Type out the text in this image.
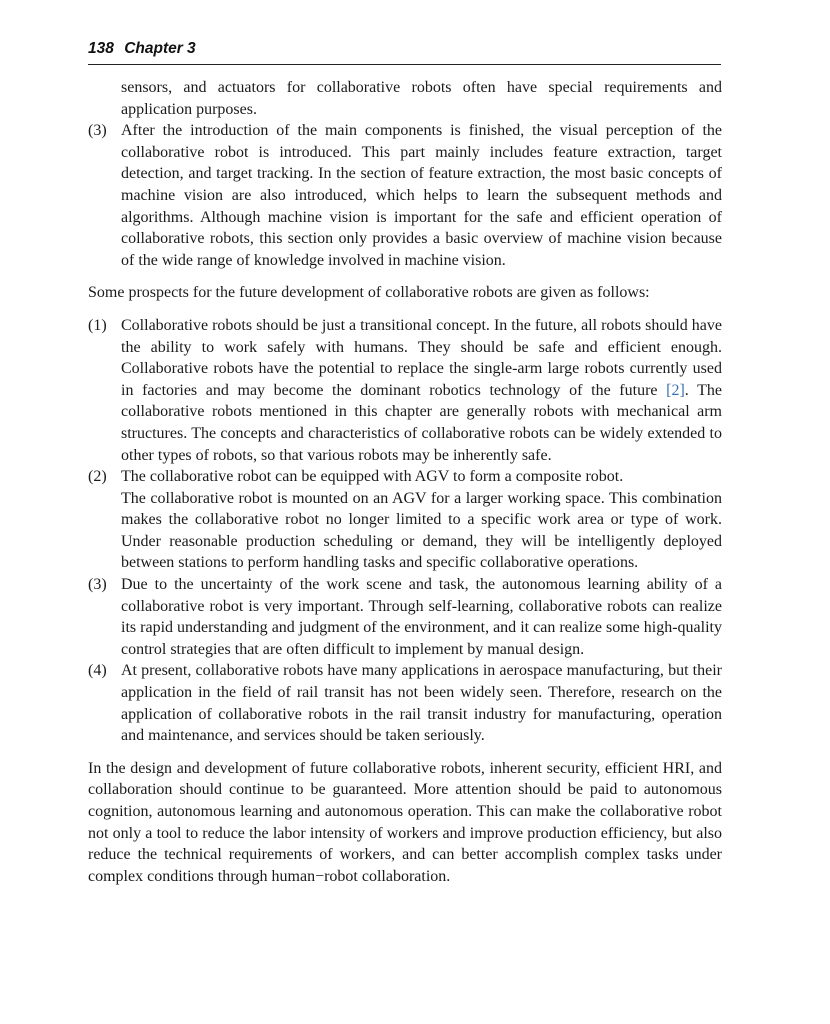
138 Chapter 3
sensors, and actuators for collaborative robots often have special requirements and application purposes.
(3) After the introduction of the main components is finished, the visual perception of the collaborative robot is introduced. This part mainly includes feature extraction, target detection, and target tracking. In the section of feature extraction, the most basic concepts of machine vision are also introduced, which helps to learn the subsequent methods and algorithms. Although machine vision is important for the safe and efficient operation of collaborative robots, this section only provides a basic overview of machine vision because of the wide range of knowledge involved in machine vision.

Some prospects for the future development of collaborative robots are given as follows:

(1) Collaborative robots should be just a transitional concept. In the future, all robots should have the ability to work safely with humans. They should be safe and efficient enough. Collaborative robots have the potential to replace the single-arm large robots currently used in factories and may become the dominant robotics technology of the future [2]. The collaborative robots mentioned in this chapter are generally robots with mechanical arm structures. The concepts and characteristics of collaborative robots can be widely extended to other types of robots, so that various robots may be inherently safe.
(2) The collaborative robot can be equipped with AGV to form a composite robot.
The collaborative robot is mounted on an AGV for a larger working space. This combination makes the collaborative robot no longer limited to a specific work area or type of work. Under reasonable production scheduling or demand, they will be intelligently deployed between stations to perform handling tasks and specific collaborative operations.
(3) Due to the uncertainty of the work scene and task, the autonomous learning ability of a collaborative robot is very important. Through self-learning, collaborative robots can realize its rapid understanding and judgment of the environment, and it can realize some high-quality control strategies that are often difficult to implement by manual design.
(4) At present, collaborative robots have many applications in aerospace manufacturing, but their application in the field of rail transit has not been widely seen. Therefore, research on the application of collaborative robots in the rail transit industry for manufacturing, operation and maintenance, and services should be taken seriously.

In the design and development of future collaborative robots, inherent security, efficient HRI, and collaboration should continue to be guaranteed. More attention should be paid to autonomous cognition, autonomous learning and autonomous operation. This can make the collaborative robot not only a tool to reduce the labor intensity of workers and improve production efficiency, but also reduce the technical requirements of workers, and can better accomplish complex tasks under complex conditions through human−robot collaboration.
